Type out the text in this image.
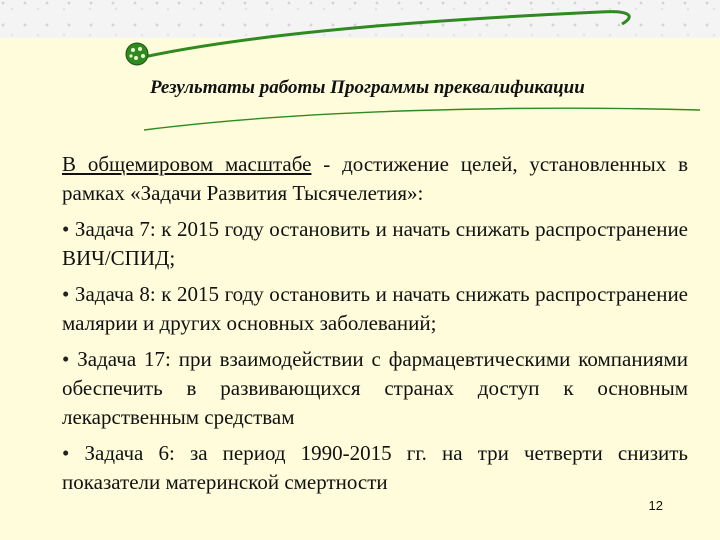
Результаты работы Программы преквалификации

В общемировом масштабе - достижение целей, установленных в рамках «Задачи Развития Тысячелетия»:

• Задача 7: к 2015 году остановить и начать снижать распространение ВИЧ/СПИД;

• Задача 8: к 2015 году остановить и начать снижать распространение малярии и других основных заболеваний;

• Задача 17: при взаимодействии с фармацевтическими компаниями обеспечить в развивающихся странах доступ к основным лекарственным средствам

• Задача 6: за период 1990-2015 гг. на три четверти снизить показатели материнской смертности

12
